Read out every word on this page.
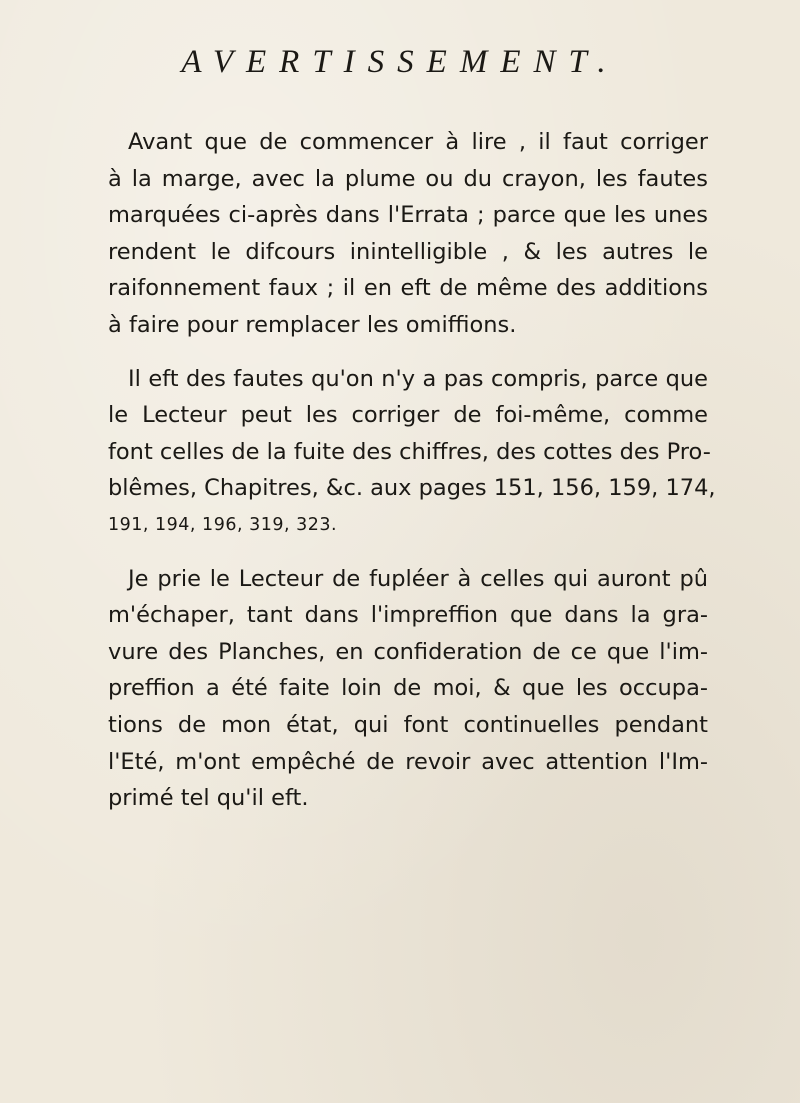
AVERTISSEMENT.
Avant que de commencer à lire , il faut corriger
à la marge, avec la plume ou du crayon, les fautes
marquées ci-après dans l'Errata ; parce que les unes
rendent le difcours inintelligible , & les autres le
raifonnement faux ; il en eft de même des additions
à faire pour remplacer les omiffions.
Il eft des fautes qu'on n'y a pas compris, parce que
le Lecteur peut les corriger de foi-même, comme
font celles de la fuite des chiffres, des cottes des Pro-
blêmes, Chapitres, &c. aux pages 151, 156, 159, 174,
191, 194, 196, 319, 323.
Je prie le Lecteur de fupléer à celles qui auront pû
m'échaper, tant dans l'impreffion que dans la gra-
vure des Planches, en confideration de ce que l'im-
preffion a été faite loin de moi, & que les occupa-
tions de mon état, qui font continuelles pendant
l'Eté, m'ont empêché de revoir avec attention l'Im-
primé tel qu'il eft.
